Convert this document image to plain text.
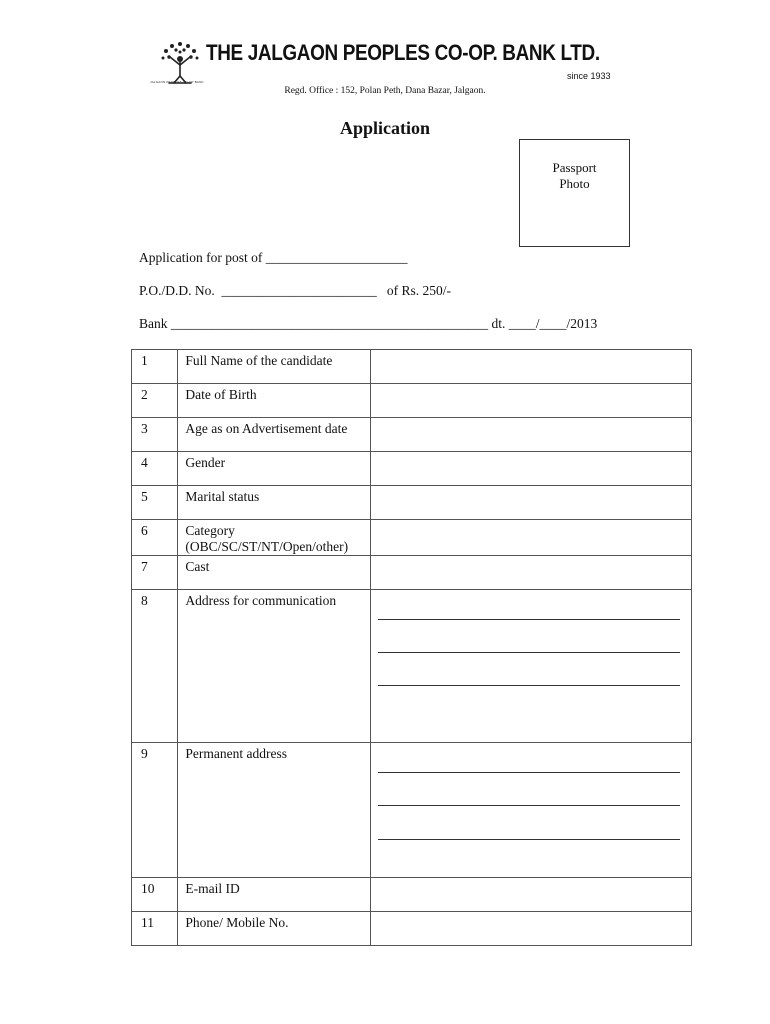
JALGAON PEOPLES CO-OP BANK
THE JALGAON PEOPLES CO-OP. BANK LTD.
since 1933
Regd. Office : 152, Polan Peth, Dana Bazar, Jalgaon.
Application
Passport
Photo
Application for post of _____________________
P.O./D.D. No.  _______________________   of Rs. 250/-
Bank _______________________________________________ dt. ____/____/2013
1	Full Name of the candidate	
2	Date of Birth	
3	Age as on Advertisement date	
4	Gender	
5	Marital status	
6	Category
(OBC/SC/ST/NT/Open/other)	

7	Cast	
8	Address for communication	

9	Permanent address	

10	E-mail ID	
11	Phone/ Mobile No.	
